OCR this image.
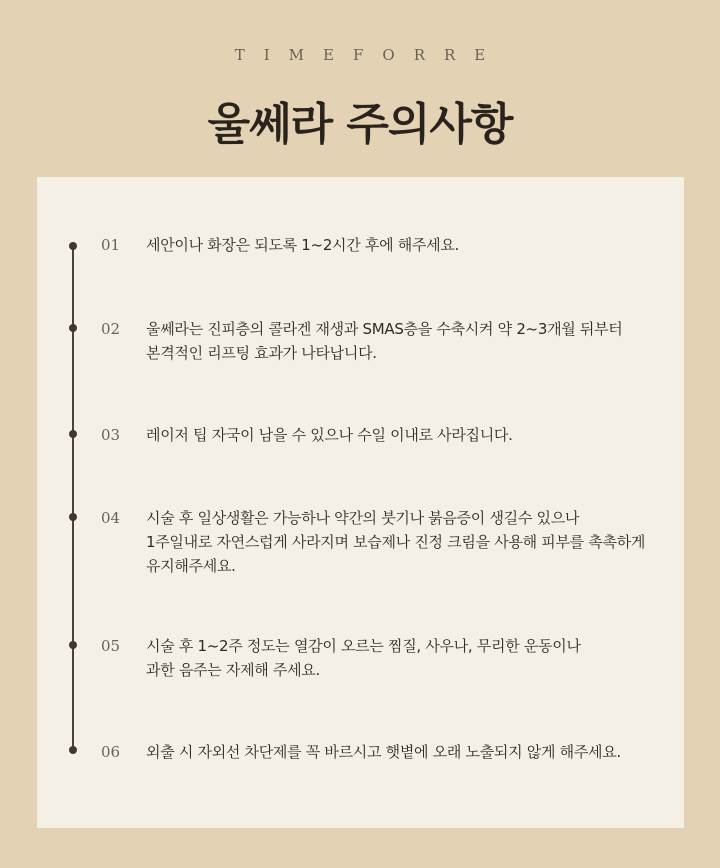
TIMEFORRE
울쎄라 주의사항
01 세안이나 화장은 되도록 1~2시간 후에 해주세요.
02 울쎄라는 진피층의 콜라겐 재생과 SMAS층을 수축시켜 약 2~3개월 뒤부터
본격적인 리프팅 효과가 나타납니다.
03 레이저 팁 자국이 남을 수 있으나 수일 이내로 사라집니다.
04 시술 후 일상생활은 가능하나 약간의 붓기나 붉음증이 생길수 있으나
1주일내로 자연스럽게 사라지며 보습제나 진정 크림을 사용해 피부를 촉촉하게
유지해주세요.
05 시술 후 1~2주 정도는 열감이 오르는 찜질, 사우나, 무리한 운동이나
과한 음주는 자제해 주세요.
06 외출 시 자외선 차단제를 꼭 바르시고 햇볕에 오래 노출되지 않게 해주세요.
